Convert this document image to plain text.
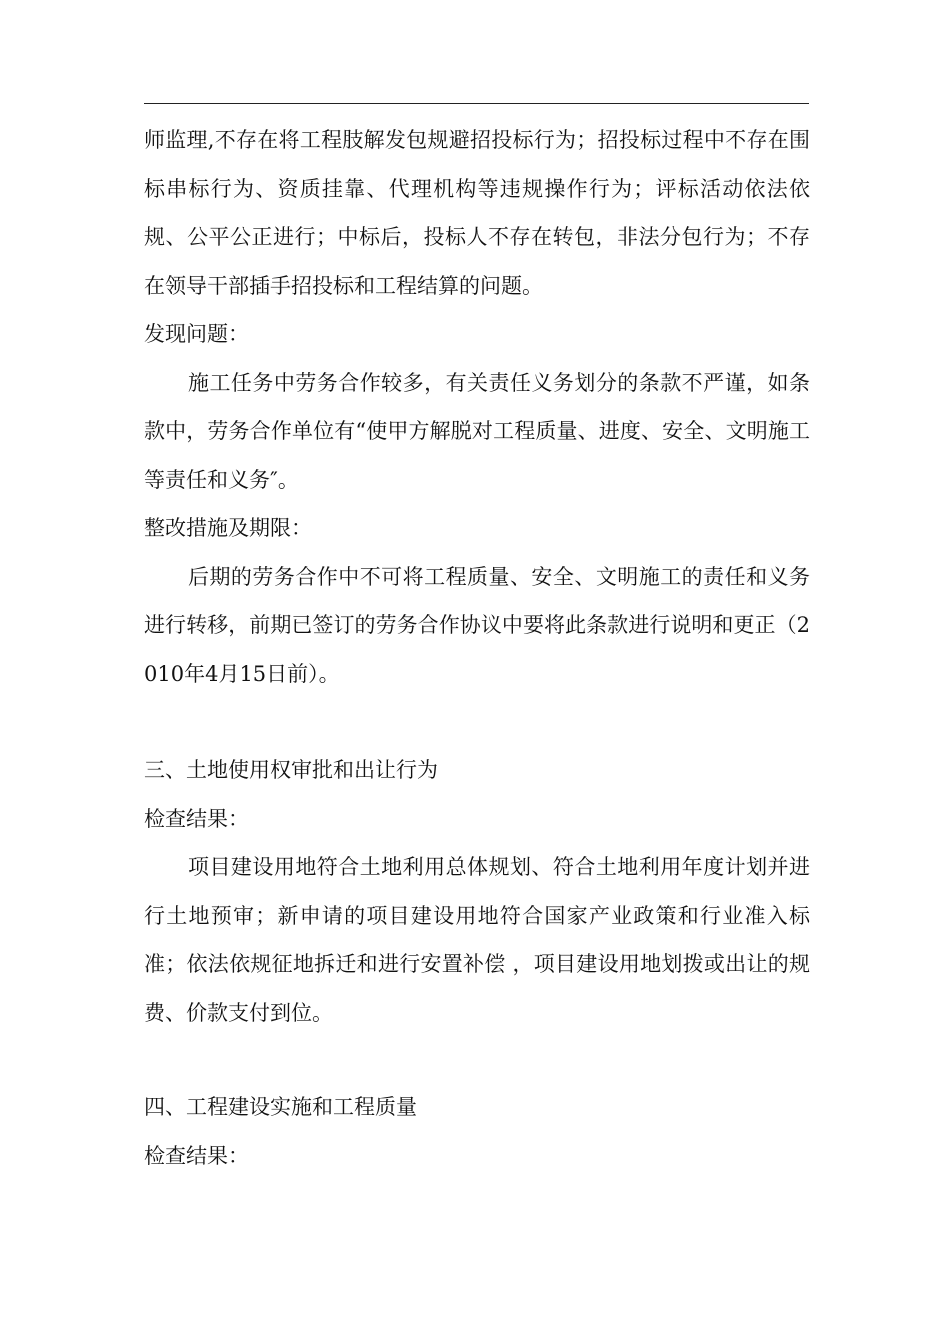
师监理,不存在将工程肢解发包规避招投标行为；招投标过程中不存在围标串标行为、资质挂靠、代理机构等违规操作行为；评标活动依法依规、公平公正进行；中标后，投标人不存在转包，非法分包行为；不存在领导干部插手招投标和工程结算的问题。

发现问题：

施工任务中劳务合作较多，有关责任义务划分的条款不严谨，如条款中，劳务合作单位有“使甲方解脱对工程质量、进度、安全、文明施工等责任和义务″。

整改措施及期限：

后期的劳务合作中不可将工程质量、安全、文明施工的责任和义务进行转移，前期已签订的劳务合作协议中要将此条款进行说明和更正（2010年4月15日前）。

三、土地使用权审批和出让行为

检查结果：

项目建设用地符合土地利用总体规划、符合土地利用年度计划并进行土地预审；新申请的项目建设用地符合国家产业政策和行业准入标准；依法依规征地拆迁和进行安置补偿 ，项目建设用地划拨或出让的规费、价款支付到位。

四、工程建设实施和工程质量

检查结果：
